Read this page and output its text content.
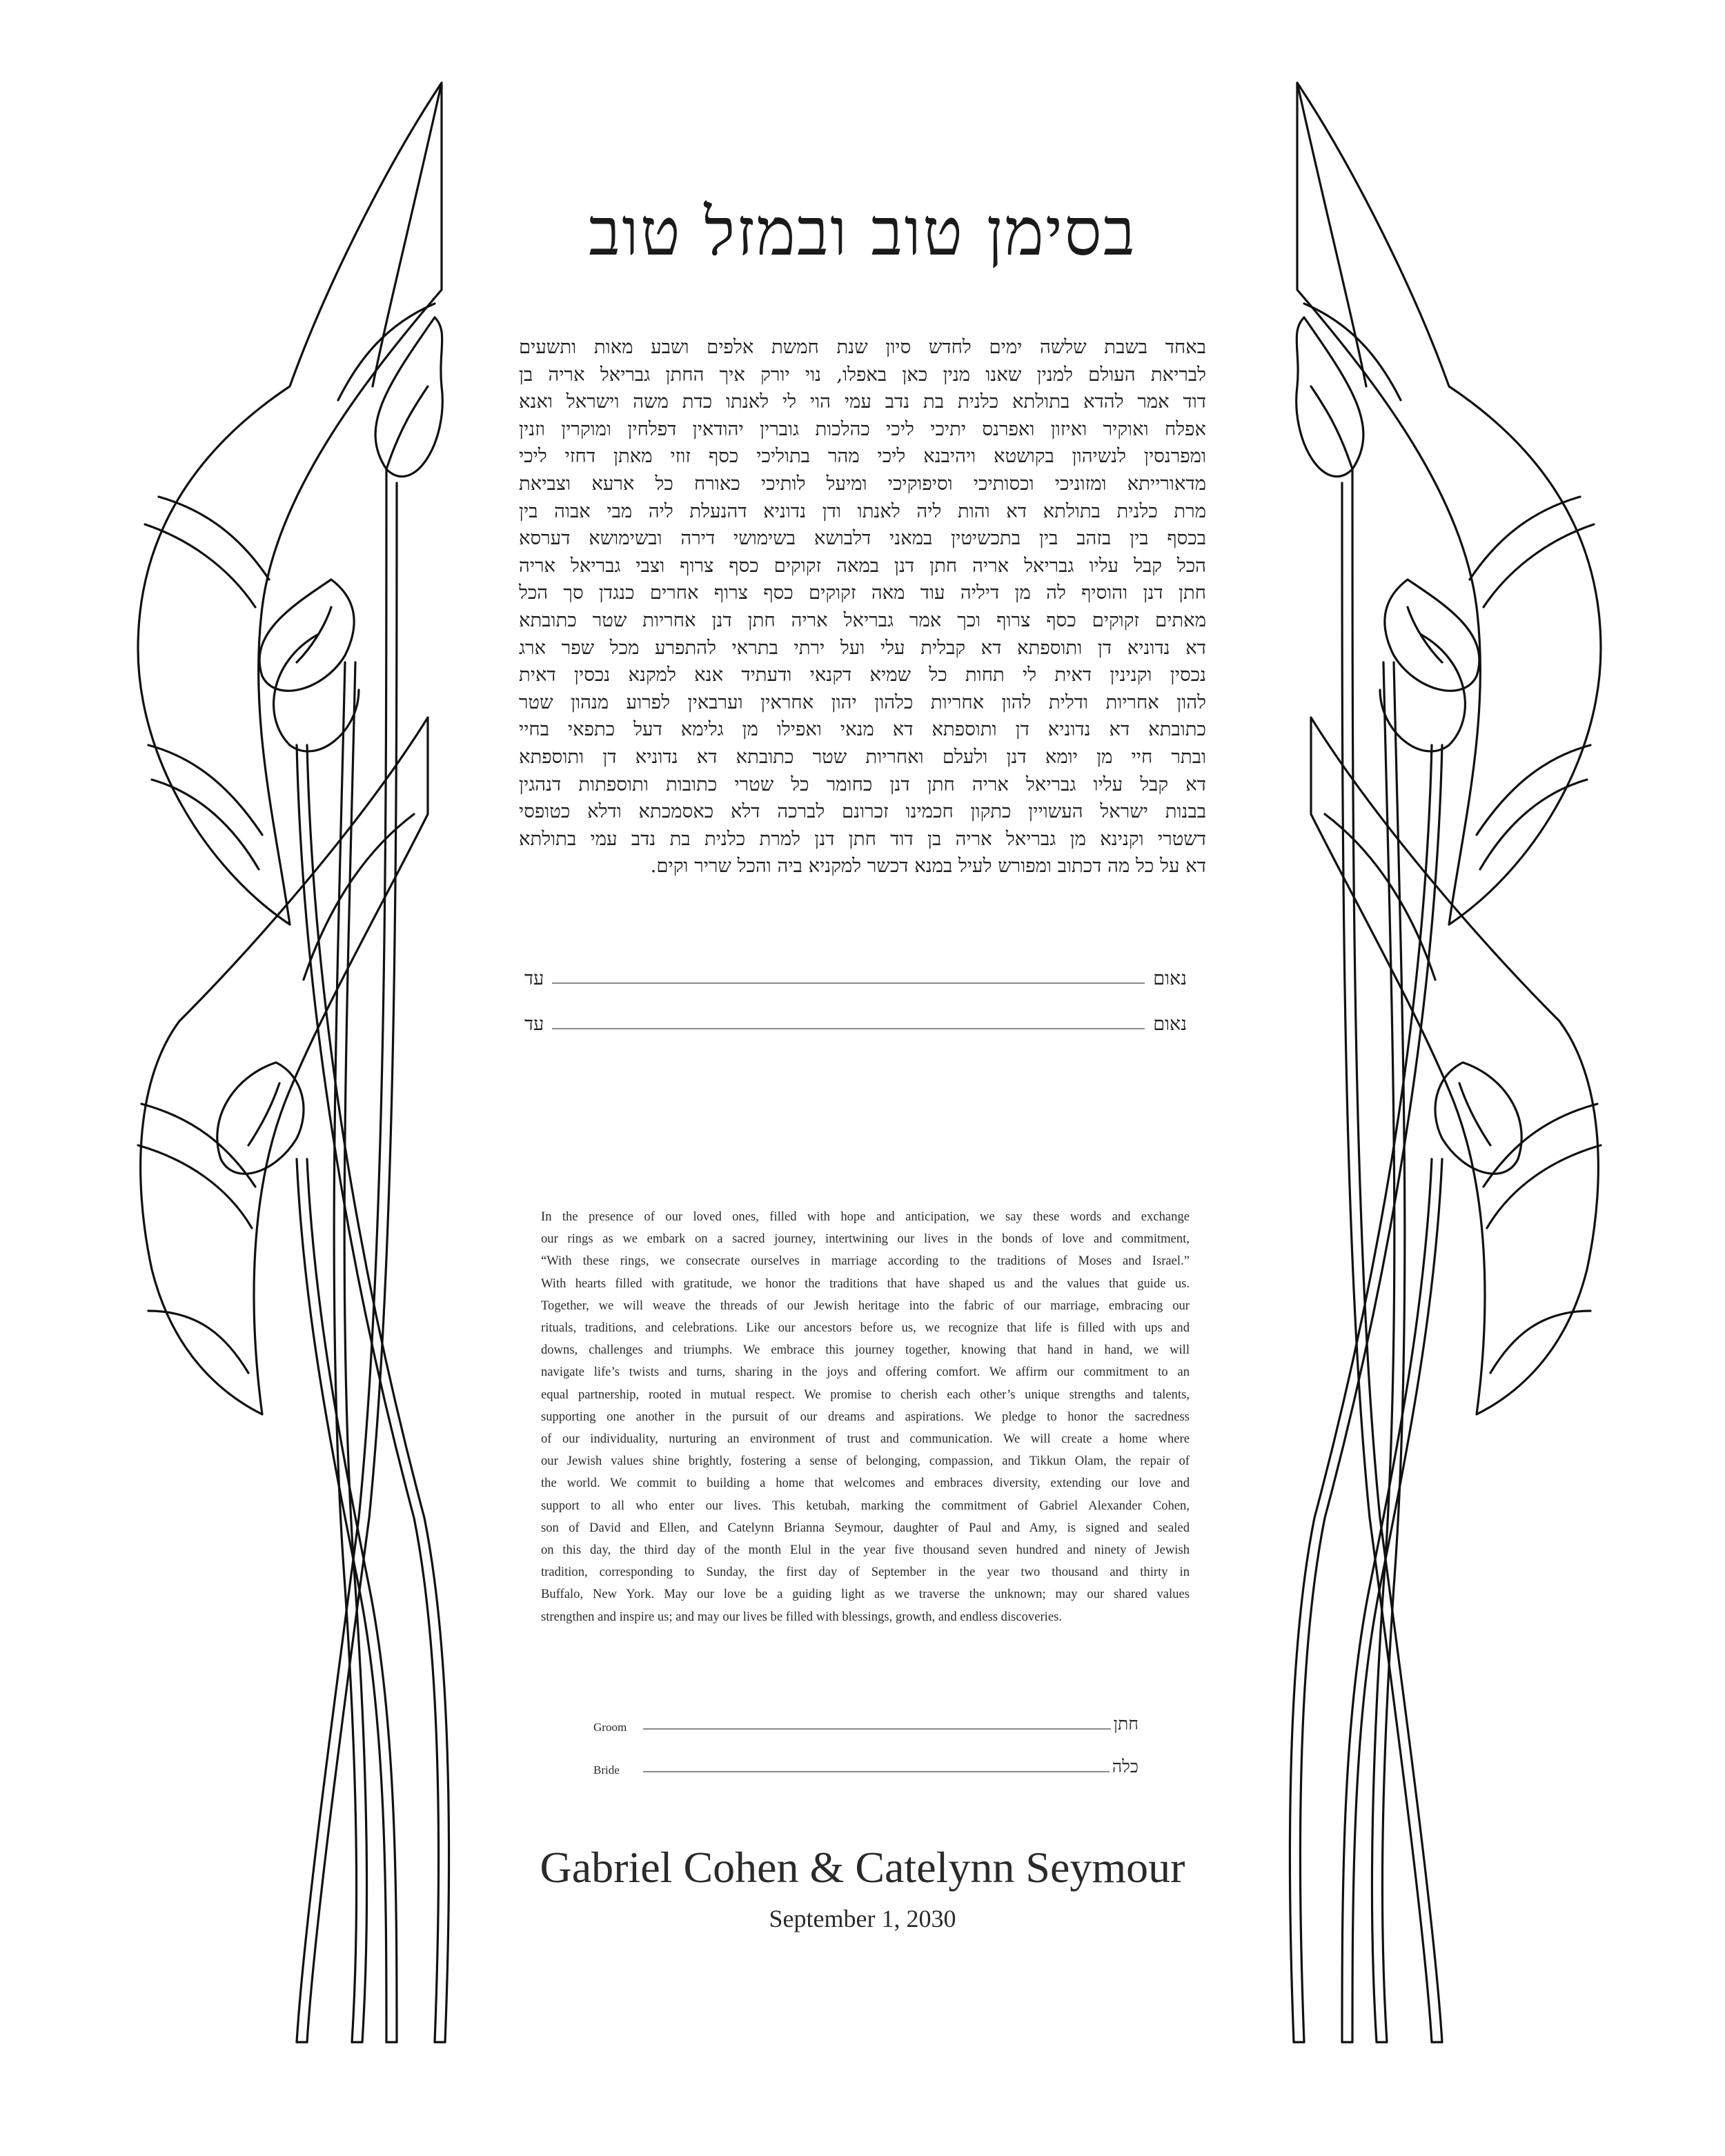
בסימן טוב ובמזל טוב
באחד בשבת שלשה ימים לחדש סיון שנת חמשת אלפים ושבע מאות ותשעים
לבריאת העולם למנין שאנו מנין כאן באפלו, נוי יורק איך החתן גבריאל אריה בן
דוד אמר להדא בתולתא כלנית בת נדב עמי הוי לי לאנתו כדת משה וישראל ואנא
אפלח ואוקיר ואיזון ואפרנס יתיכי ליכי כהלכות גוברין יהודאין דפלחין ומוקרין וזנין
ומפרנסין לנשיהון בקושטא ויהיבנא ליכי מהר בתוליכי כסף זוזי מאתן דחזי ליכי
מדאורייתא ומזוניכי וכסותיכי וסיפוקיכי ומיעל לותיכי כאורח כל ארעא וצביאת
מרת כלנית בתולתא דא והות ליה לאנתו ודן נדוניא דהנעלת ליה מבי אבוה בין
בכסף בין בזהב בין בתכשיטין במאני דלבושא בשימושי דירה ובשימושא דערסא
הכל קבל עליו גבריאל אריה חתן דנן במאה זקוקים כסף צרוף וצבי גבריאל אריה
חתן דנן והוסיף לה מן דיליה עוד מאה זקוקים כסף צרוף אחרים כנגדן סך הכל
מאתים זקוקים כסף צרוף וכך אמר גבריאל אריה חתן דנן אחריות שטר כתובתא
דא נדוניא דן ותוספתא דא קבלית עלי ועל ירתי בתראי להתפרע מכל שפר ארג
נכסין וקנינין דאית לי תחות כל שמיא דקנאי ודעתיד אנא למקנא נכסין דאית
להון אחריות ודלית להון אחריות כלהון יהון אחראין וערבאין לפרוע מנהון שטר
כתובתא דא נדוניא דן ותוספתא דא מנאי ואפילו מן גלימא דעל כתפאי בחיי
ובתר חיי מן יומא דנן ולעלם ואחריות שטר כתובתא דא נדוניא דן ותוספתא
דא קבל עליו גבריאל אריה חתן דנן כחומר כל שטרי כתובות ותוספתות דנהגין
בבנות ישראל העשויין כתקון חכמינו זכרונם לברכה דלא כאסמכתא ודלא כטופסי
דשטרי וקנינא מן גבריאל אריה בן דוד חתן דנן למרת כלנית בת נדב עמי בתולתא
דא על כל מה דכתוב ומפורש לעיל במנא דכשר למקניא ביה והכל שריר וקים.
נאום
עד
נאום
עד
In the presence of our loved ones, filled with hope and anticipation, we say these words and exchange
our rings as we embark on a sacred journey, intertwining our lives in the bonds of love and commitment,
“With these rings, we consecrate ourselves in marriage according to the traditions of Moses and Israel.”
With hearts filled with gratitude, we honor the traditions that have shaped us and the values that guide us.
Together, we will weave the threads of our Jewish heritage into the fabric of our marriage, embracing our
rituals, traditions, and celebrations. Like our ancestors before us, we recognize that life is filled with ups and
downs, challenges and triumphs. We embrace this journey together, knowing that hand in hand, we will
navigate life’s twists and turns, sharing in the joys and offering comfort. We affirm our commitment to an
equal partnership, rooted in mutual respect. We promise to cherish each other’s unique strengths and talents,
supporting one another in the pursuit of our dreams and aspirations. We pledge to honor the sacredness
of our individuality, nurturing an environment of trust and communication. We will create a home where
our Jewish values shine brightly, fostering a sense of belonging, compassion, and Tikkun Olam, the repair of
the world. We commit to building a home that welcomes and embraces diversity, extending our love and
support to all who enter our lives. This ketubah, marking the commitment of Gabriel Alexander Cohen,
son of David and Ellen, and Catelynn Brianna Seymour, daughter of Paul and Amy, is signed and sealed
on this day, the third day of the month Elul in the year five thousand seven hundred and ninety of Jewish
tradition, corresponding to Sunday, the first day of September in the year two thousand and thirty in
Buffalo, New York. May our love be a guiding light as we traverse the unknown; may our shared values
strengthen and inspire us; and may our lives be filled with blessings, growth, and endless discoveries.
Groom	חתן
Bride	כלה
Gabriel Cohen & Catelynn Seymour
September 1, 2030
